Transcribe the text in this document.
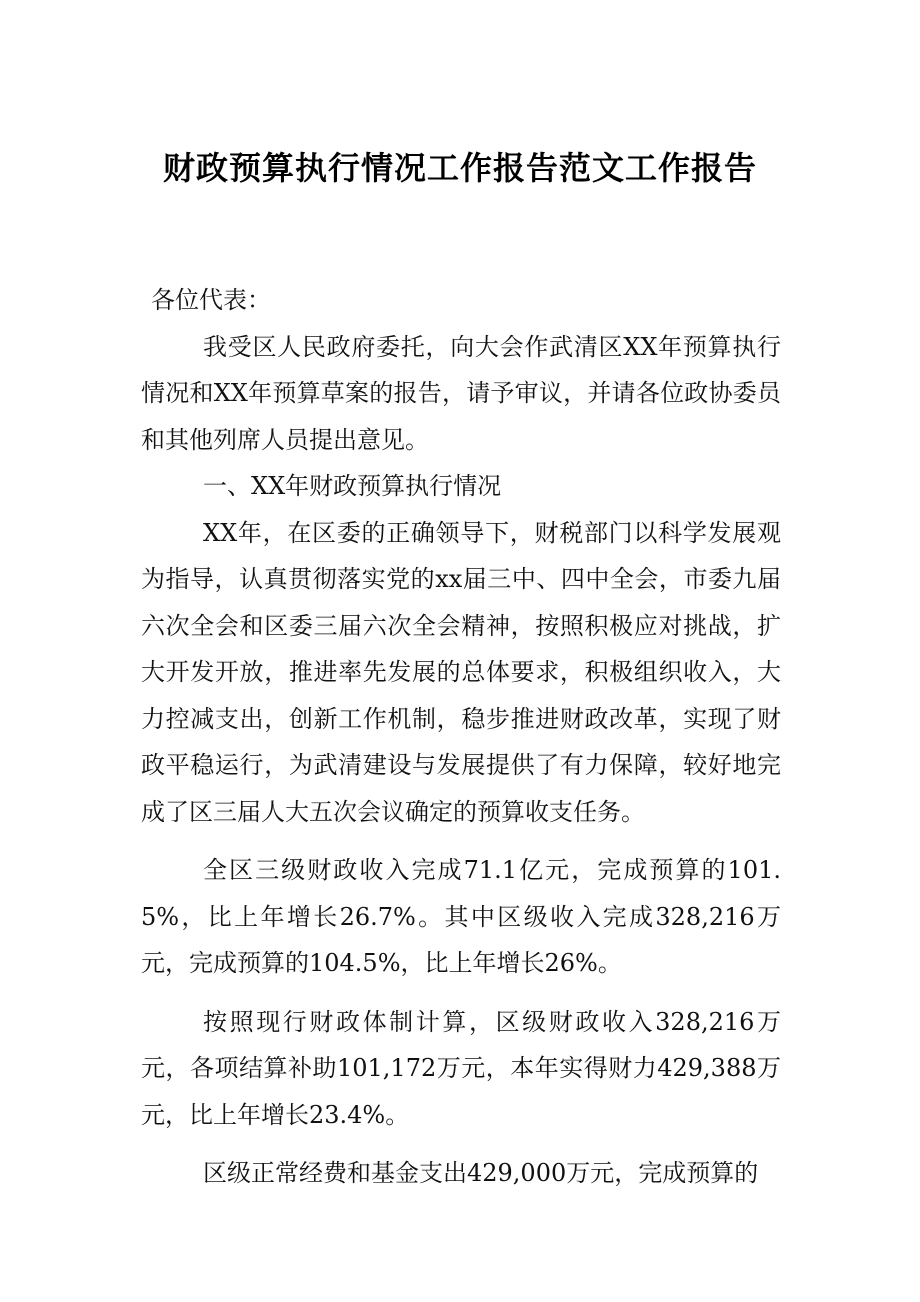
财政预算执行情况工作报告范文工作报告

各位代表：

我受区人民政府委托，向大会作武清区XX年预算执行情况和XX年预算草案的报告，请予审议，并请各位政协委员和其他列席人员提出意见。

一、XX年财政预算执行情况

XX年，在区委的正确领导下，财税部门以科学发展观为指导，认真贯彻落实党的xx届三中、四中全会，市委九届六次全会和区委三届六次全会精神，按照积极应对挑战，扩大开发开放，推进率先发展的总体要求，积极组织收入，大力控减支出，创新工作机制，稳步推进财政改革，实现了财政平稳运行，为武清建设与发展提供了有力保障，较好地完成了区三届人大五次会议确定的预算收支任务。

全区三级财政收入完成71.1亿元，完成预算的101.5%，比上年增长26.7%。其中区级收入完成328,216万元，完成预算的104.5%，比上年增长26%。

按照现行财政体制计算，区级财政收入328,216万元，各项结算补助101,172万元，本年实得财力429,388万元，比上年增长23.4%。

区级正常经费和基金支出429,000万元，完成预算的
